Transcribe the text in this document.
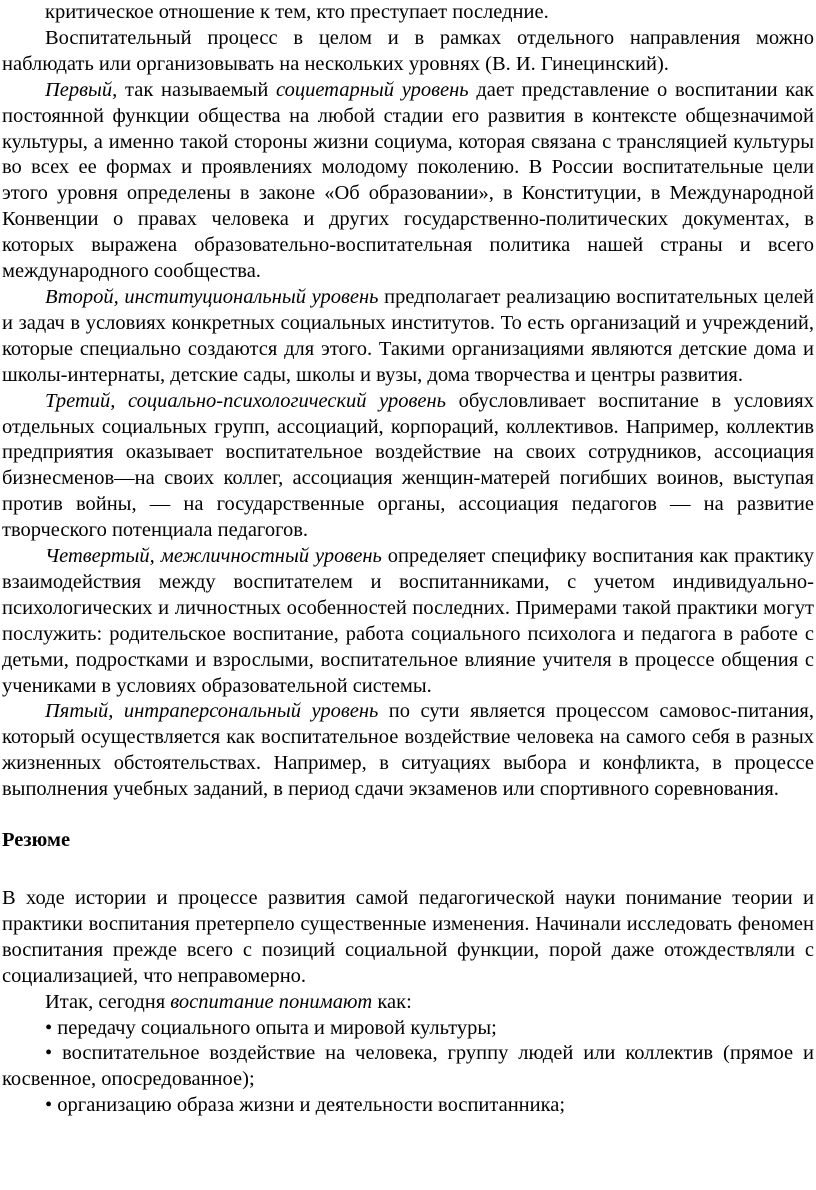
критическое отношение к тем, кто преступает последние.

Воспитательный процесс в целом и в рамках отдельного направления можно наблюдать или организовывать на нескольких уровнях (В. И. Гинецинский).

Первый, так называемый социетарный уровень дает представление о воспитании как постоянной функции общества на любой стадии его развития в контексте общезначимой культуры, а именно такой стороны жизни социума, которая связана с трансляцией культуры во всех ее формах и проявлениях молодому поколению. В России воспитательные цели этого уровня определены в законе «Об образовании», в Конституции, в Международной Конвенции о правах человека и других государственно-политических документах, в которых выражена образовательно-воспитательная политика нашей страны и всего международного сообщества.

Второй, институциональный уровень предполагает реализацию воспитательных целей и задач в условиях конкретных социальных институтов. То есть организаций и учреждений, которые специально создаются для этого. Такими организациями являются детские дома и школы-интернаты, детские сады, школы и вузы, дома творчества и центры развития.

Третий, социально-психологический уровень обусловливает воспитание в условиях отдельных социальных групп, ассоциаций, корпораций, коллективов. Например, коллектив предприятия оказывает воспитательное воздействие на своих сотрудников, ассоциация бизнесменов—на своих коллег, ассоциация женщин-матерей погибших воинов, выступая против войны, — на государственные органы, ассоциация педагогов — на развитие творческого потенциала педагогов.

Четвертый, межличностный уровень определяет специфику воспитания как практику взаимодействия между воспитателем и воспитанниками, с учетом индивидуально-психологических и личностных особенностей последних. Примерами такой практики могут послужить: родительское воспитание, работа социального психолога и педагога в работе с детьми, подростками и взрослыми, воспитательное влияние учителя в процессе общения с учениками в условиях образовательной системы.

Пятый, интраперсональный уровень по сути является процессом самовос-питания, который осуществляется как воспитательное воздействие человека на самого себя в разных жизненных обстоятельствах. Например, в ситуациях выбора и конфликта, в процессе выполнения учебных заданий, в период сдачи экзаменов или спортивного соревнования.

Резюме

В ходе истории и процессе развития самой педагогической науки понимание теории и практики воспитания претерпело существенные изменения. Начинали исследовать феномен воспитания прежде всего с позиций социальной функции, порой даже отождествляли с социализацией, что неправомерно.

Итак, сегодня воспитание понимают как:

• передачу социального опыта и мировой культуры;

• воспитательное воздействие на человека, группу людей или коллектив (прямое и косвенное, опосредованное);

• организацию образа жизни и деятельности воспитанника;
